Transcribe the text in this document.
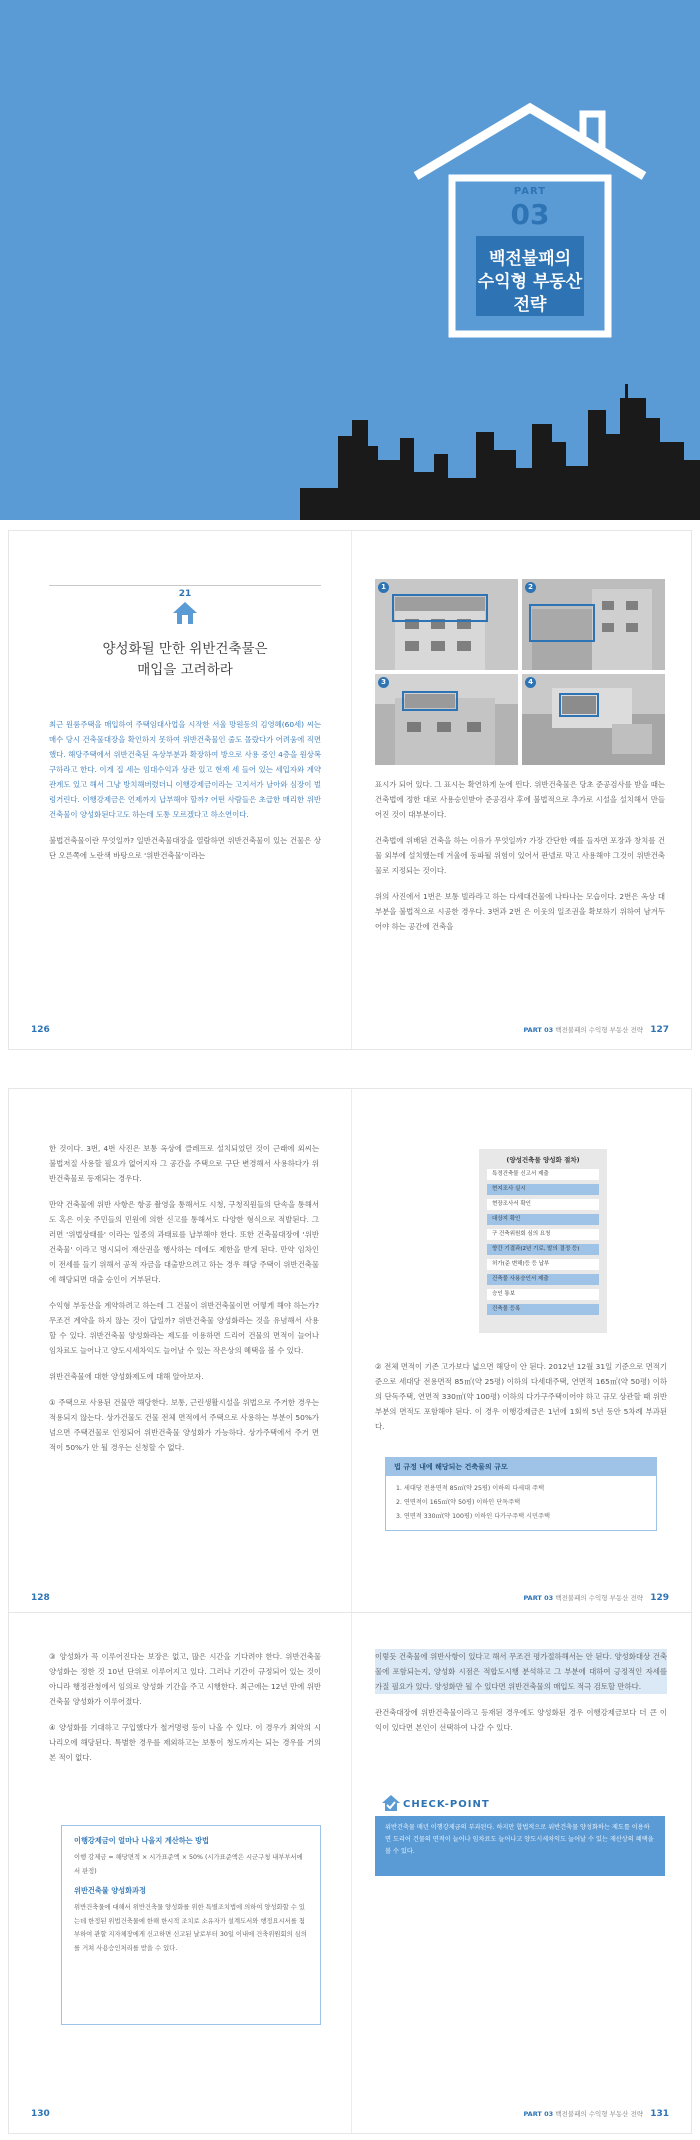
PART
03
백전불패의
수익형 부동산
전략
21
양성화될 만한 위반건축물은
매입을 고려하라

최근 원룸주택을 매입하여 주택임대사업을 시작한 서울 망원동의 김영혜(60세) 씨는 매수 당시 건축물대장을 확인하지 못하여 위반건축물인 줄도 몰랐다가 어려움에 직면했다. 해당주택에서 위반건축된 옥상부분과 확장하여 방으로 사용 중인 4층을 원상복구하라고 한다. 이게 집 세는 임대수익과 상관 있고 현재 세 들어 있는 세입자와 계약관계도 있고 해서 그냥 방치해버렸더니 이행강제금이라는 고지서가 날아와 심장이 벌렁거린다. 이행강제금은 언제까지 납부해야 할까? 어떤 사람들은 초급한 매리한 위반건축물이 양성화된다고도 하는데 도통 모르겠다고 하소연이다.

불법건축물이란 무엇일까? 일반건축물대장을 열람하면 위반건축물이 있는 건물은 상단 오른쪽에 노란색 바탕으로 '위반건축물'이라는

1	2
3	4

표시가 되어 있다. 그 표시는 확연하게 눈에 띈다. 위반건축물은 당초 준공검사를 받을 때는 건축법에 정한 대로 사용승인받아 준공검사 후에 불법적으로 추가로 시설을 설치해서 만들어진 것이 대부분이다.

건축법에 위배된 건축을 하는 이유가 무엇일까? 가장 간단한 예를 들자면 포장과 창치를 건물 외부에 설치했는데 겨울에 동파될 위험이 있어서 판넬로 막고 사용해야 그것이 위반건축물로 지정되는 것이다.

위의 사진에서 1번은 보통 빌라라고 하는 다세대건물에 나타나는 모습이다. 2번은 옥상 대부분을 불법적으로 시공한 경우다. 3번과 2번 은 이웃의 일조권을 확보하기 위하여 남겨두어야 하는 공간에 건축을

126	PART 03 백전불패의 수익형 부동산 전략 127

한 것이다. 3번, 4번 사진은 보통 옥상에 클레프로 설치되었던 것이 근래에 외씨는 불법저질 사용할 필요가 없어지자 그 공간을 주택으로 구단 변경해서 사용하다가 위반건축물로 등재되는 경우다.

만약 건축물에 위반 사항은 항공 촬영을 통해서도 시청, 구청직원들의 단속을 통해서도 혹은 이웃 주민들의 민원에 의한 신고를 통해서도 다양한 형식으로 적발된다. 그러면 '위법상태를' 이라는 일종의 과태료를 납부해야 한다. 또한 건축물대장에 '위반건축물' 이라고 명시되어 재산권을 행사하는 데에도 제한을 받게 된다. 만약 임차인이 전세를 들기 위해서 공적 자금을 대출받으려고 하는 경우 해당 주택이 위반건축물에 해당되면 대출 승인이 거부된다.

수익형 부동산을 계약하려고 하는데 그 건물이 위반건축물이면 어떻게 해야 하는가? 무조건 계약을 하지 않는 것이 답일까? 위반건축물 양성화라는 것을 유념해서 사용할 수 있다. 위반건축물 양성화라는 제도를 이용하면 드리어 건물의 면적이 늘어나 임차료도 늘어나고 양도시세차익도 늘어날 수 있는 작은상의 혜택을 볼 수 있다.

위반건축물에 대한 양성화제도에 대해 알아보자.

① 주택으로 사용된 건물만 해당한다. 보통, 근린생활시설을 위법으로 주거한 경우는 적용되지 않는다. 상가건물도 건물 전체 면적에서 주택으로 사용하는 부분이 50%가 넘으면 주택건물로 인정되어 위반건축물 양성화가 가능하다. 상가주택에서 주거 면적이 50%가 안 될 경우는 신청할 수 없다.

(양성건축물 양성화 절차)
특정건축물 신고서 제출
현지조사 실시
현장조사서 확인
대상지 확인
구 건축위원회 심의 요청
향간 기결과(2년 기로, 발의 결정 등)
허가(준 변해)등 등 납부
건축물 사용승인서 제출
승인 통보
건축물 등록

② 전체 면적이 기존 고가보다 넓으면 해당이 안 된다. 2012년 12월 31일 기준으로 면적기준으로 세대당 전용면적 85㎡(약 25평) 이하의 다세대주택, 연면적 165㎡(약 50평) 이하의 단독주택, 연면적 330㎡(약 100평) 이하의 다가구주택이어야 하고 규모 상관할 때 위반 부분의 면적도 포함해야 된다. 이 경우 이행강제금은 1년에 1회씩 5년 동안 5차례 부과된다.

법 규정 내에 해당되는 건축물의 규모
1. 세대당 전용면적 85㎡(약 25평) 이하의 다세대 주택
2. 연면적이 165㎡(약 50평) 이하인 단독주택
3. 연면적 330㎡(약 100평) 이하인 다가구주택 시민주택
128	PART 03 백전불패의 수익형 부동산 전략 129

③ 양성화가 꼭 이루어진다는 보장은 없고, 많은 시간을 기다려야 한다. 위반건축물 양성화는 정한 것 10년 단위로 이루어지고 있다. 그러나 기간이 규정되어 있는 것이 아니라 행정관청에서 임의로 양성화 기간을 주고 시행한다. 최근에는 12년 만에 위반건축물 양성화가 이루어졌다.

④ 양성화를 기대하고 구입했다가 철거명령 등이 나올 수 있다. 이 경우가 최악의 시나리오에 해당된다. 특별한 경우를 제외하고는 보통이 청도까지는 되는 경우를 거의 본 적이 없다.

이행강제금이 얼마나 나올지 계산하는 방법
이행 강제금 = 해당면적 × 시가표준액 × 50% (시가표준액은 시군구청 내부부서에서 판정)
위반건축물 양성화과정
위반건축물에 대해서 위반건축물 양성화를 위한 특별조치법에 의하여 양성화할 수 있는데 한정된 위법건축물에 한해 한시적 조치로 소유자가 설계도서와 행정요시서를 첨부하여 관할 지자체장에게 신고하면 신고된 날로부터 30일 이내에 건축위원회의 심의를 거쳐 사용승인처리를 받을 수 있다.

이렇듯 건축물에 위반사항이 있다고 해서 무조건 평가절하해서는 안 된다. 양성화대상 건축물에 포함되는지, 양성화 시점은 적합도시행 분석하고 그 부분에 대하여 긍정적인 자세를 가질 필요가 있다. 양성화만 될 수 있다면 위반건축물의 매입도 적극 검토할 만하다.

관건축대장에 위반건축물이라고 등재된 경우에도 양성화된 경우 이행강제금보다 더 큰 이익이 있다면 본인이 선택하여 나갈 수 있다.

CHECK-POINT
위반건축물 매년 이행강제금의 부과된다. 하지만 합법적으로 위반건축물 양성화하는 제도를 이용하면 도리어 건물의 면적이 늘어나 임차료도 늘어나고 양도시세차익도 늘어날 수 있는 재산상의 혜택을 볼 수 있다.
130	PART 03 백전불패의 수익형 부동산 전략 131
